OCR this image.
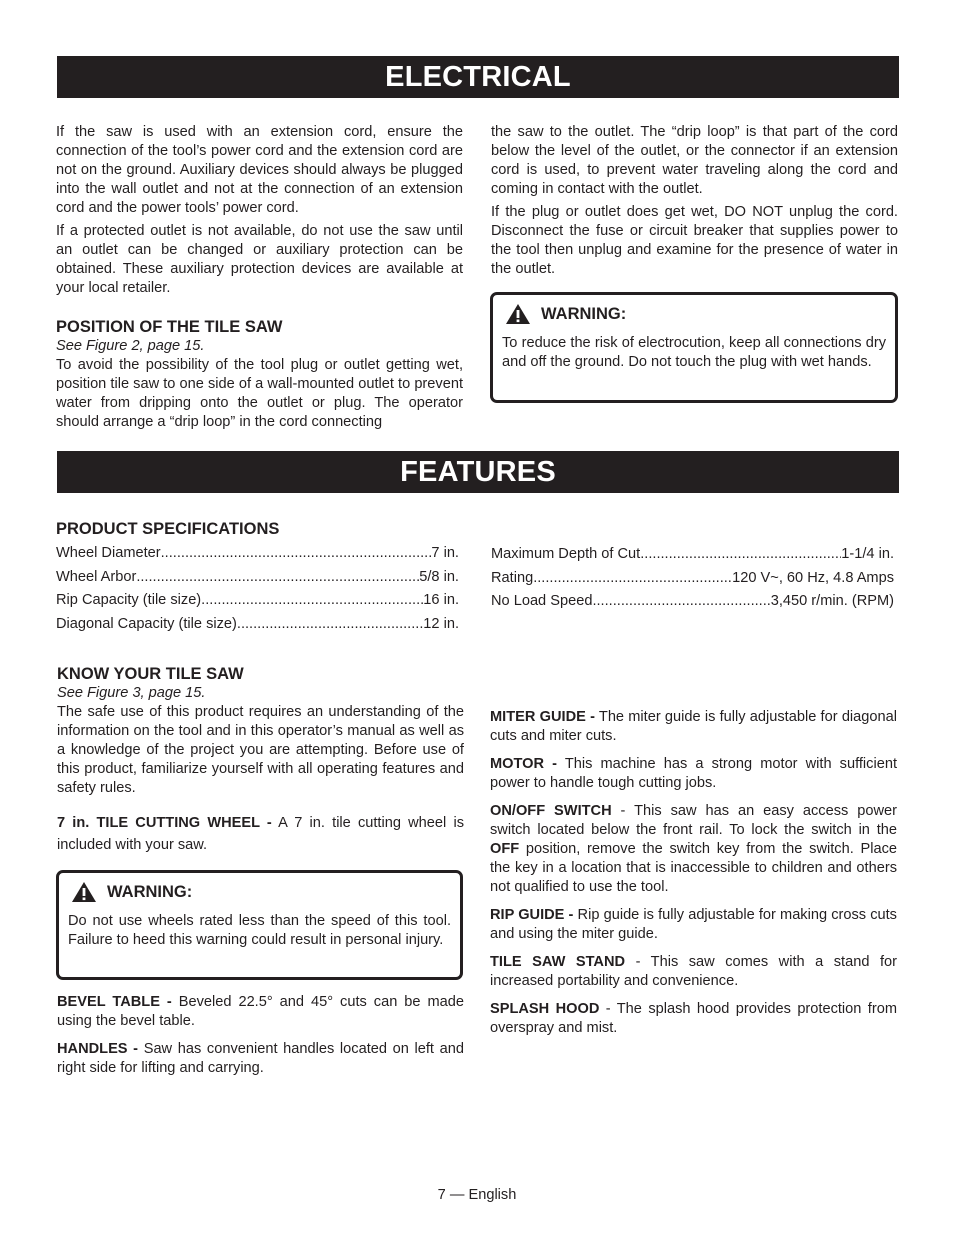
ELECTRICAL

If the saw is used with an extension cord, ensure the connection of the tool’s power cord and the extension cord are not on the ground. Auxiliary devices should always be plugged into the wall outlet and not at the connection of an extension cord and the power tools’ power cord.

If a protected outlet is not available, do not use the saw until an outlet can be changed or auxiliary protection can be obtained. These auxiliary protection devices are available at your local retailer.

POSITION OF THE TILE SAW
See Figure 2, page 15.

To avoid the possibility of the tool plug or outlet getting wet, position tile saw to one side of a wall-mounted outlet to prevent water from dripping onto the outlet or plug. The operator should arrange a “drip loop” in the cord connecting

the saw to the outlet. The “drip loop” is that part of the cord below the level of the outlet, or the connector if an extension cord is used, to prevent water traveling along the cord and coming in contact with the outlet.

If the plug or outlet does get wet, DO NOT unplug the cord. Disconnect the fuse or circuit breaker that supplies power to the tool then unplug and examine for the presence of water in the outlet.

WARNING:
To reduce the risk of electrocution, keep all connections dry and off the ground. Do not touch the plug with wet hands.
FEATURES
PRODUCT SPECIFICATIONS
Wheel Diameter .....	7 in.
Wheel Arbor .....	5/8 in.
Rip Capacity (tile size) .....	16 in.
Diagonal Capacity (tile size) .....	12 in.
Maximum Depth of Cut .....	1-1/4 in.
Rating .....	120 V~, 60 Hz, 4.8 Amps
No Load Speed .....	3,450 r/min. (RPM)
KNOW YOUR TILE SAW
See Figure 3, page 15.

The safe use of this product requires an understanding of the information on the tool and in this operator’s manual as well as a knowledge of the project you are attempting. Before use of this product, familiarize yourself with all operating features and safety rules.

7 in. TILE CUTTING WHEEL - A 7 in. tile cutting wheel is included with your saw.

WARNING:
Do not use wheels rated less than the speed of this tool. Failure to heed this warning could result in personal injury.

BEVEL TABLE - Beveled 22.5° and 45° cuts can be made using the bevel table.

HANDLES - Saw has convenient handles located on left and right side for lifting and carrying.

MITER GUIDE - The miter guide is fully adjustable for diagonal cuts and miter cuts.

MOTOR - This machine has a strong motor with sufficient power to handle tough cutting jobs.

ON/OFF SWITCH - This saw has an easy access power switch located below the front rail. To lock the switch in the OFF position, remove the switch key from the switch. Place the key in a location that is inaccessible to children and others not qualified to use the tool.

RIP GUIDE - Rip guide is fully adjustable for making cross cuts and using the miter guide.

TILE SAW STAND - This saw comes with a stand for increased portability and convenience.

SPLASH HOOD - The splash hood provides protection from overspray and mist.

7 — English
